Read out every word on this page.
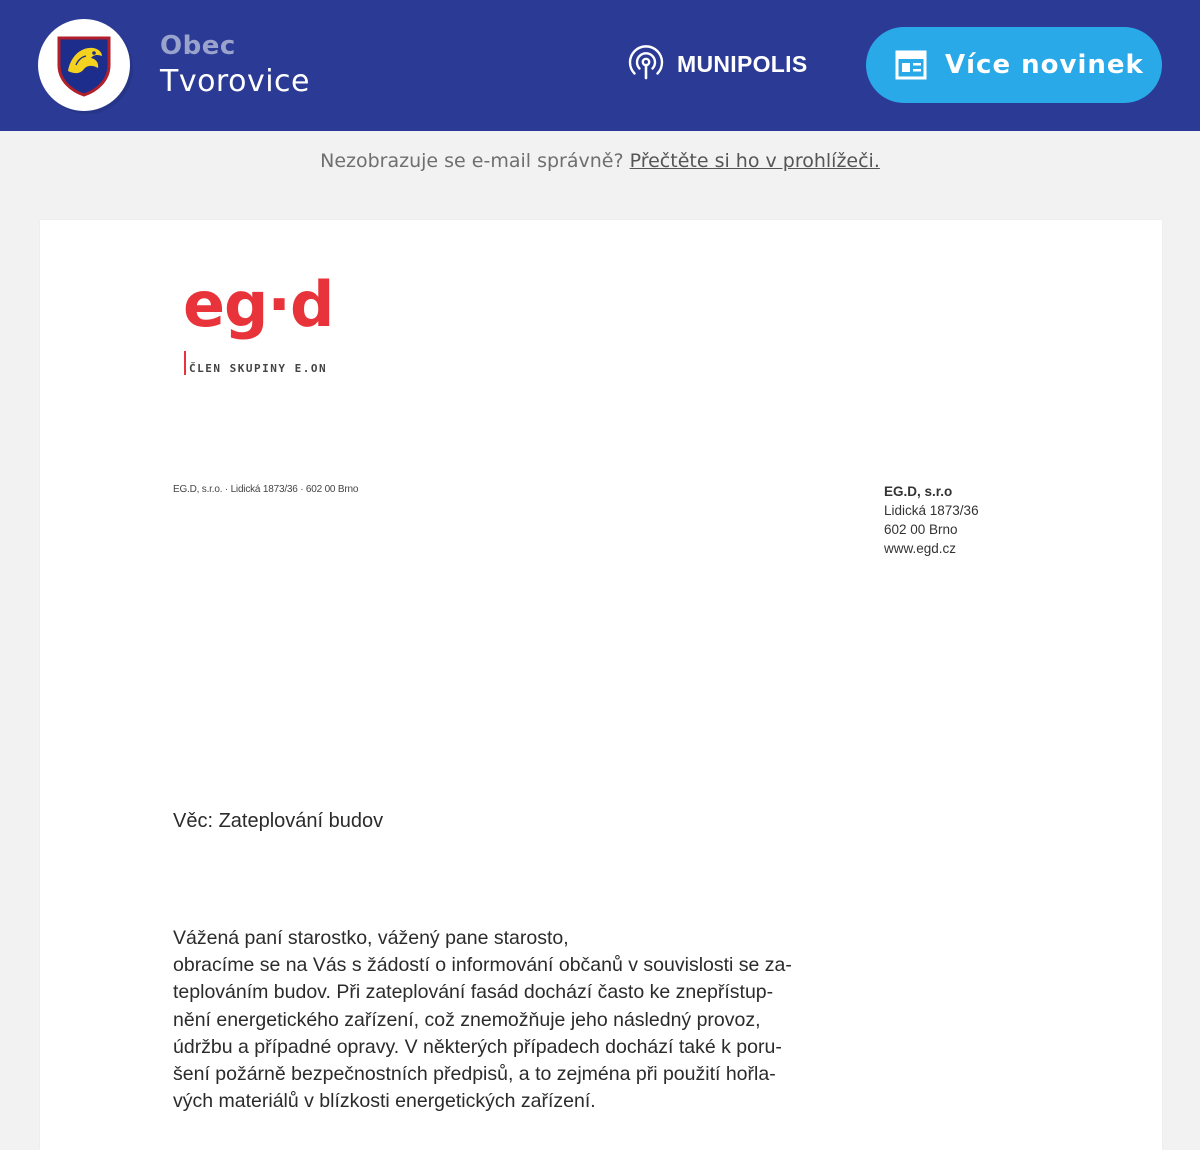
Obec
Tvorovice
MUNIPOLIS	Více novinek
Nezobrazuje se e-mail správně? Přečtěte si ho v prohlížeči.
eg·d
ČLEN SKUPINY E.ON
EG.D, s.r.o. · Lidická 1873/36 · 602 00 Brno	EG.D, s.r.o
Lidická 1873/36
602 00 Brno
www.egd.cz
Věc: Zateplování budov
Vážená paní starostko, vážený pane starosto,
obracíme se na Vás s žádostí o informování občanů v souvislosti se za-
teplováním budov. Při zateplování fasád dochází často ke znepřístup-
nění energetického zařízení, což znemožňuje jeho následný provoz,
údržbu a případné opravy. V některých případech dochází také k poru-
šení požárně bezpečnostních předpisů, a to zejména při použití hořla-
vých materiálů v blízkosti energetických zařízení.
